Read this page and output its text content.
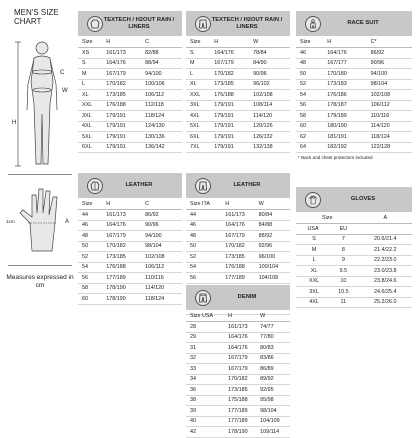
MEN'S SIZE CHART
H
C
W
A
1cm
Measures expressed in cm
TEXTECH / H2OUT RAIN / LINERS
Size	H	C
XS	161/173	82/88
S	164/176	88/94
M	167/179	94/100
L	170/182	100/106
XL	173/185	106/112
XXL	176/188	112/118
3XL	179/191	118/124
4XL	179/191	124/130
5XL	179/191	130/136
6XL	179/191	136/142
TEXTECH / H2OUT RAIN / LINERS
Size	H	W
S	164/176	78/84
M	167/179	84/90
L	170/182	90/96
XL	173/185	96/102
XXL	176/188	102/108
3XL	179/191	108/114
4XL	179/191	114/120
5XL	179/191	120/126
6XL	179/191	126/132
7XL	179/191	132/138
RACE SUIT
Size	H	C*
46	164/176	86/92
48	167/177	90/96
50	170/180	94/100
52	173/183	98/104
54	176/186	102/108
56	178/187	106/112
58	179/189	110/116
60	180/190	114/120
62	181/191	118/124
64	182/192	122/128
* Back and chest protectors included
LEATHER
Size	H	C
44	161/173	86/92
46	164/176	90/96
48	167/179	94/100
50	170/182	98/104
52	173/185	102/108
54	176/188	106/112
56	177/189	110/116
58	178/190	114/120
60	178/190	118/124
LEATHER
Size ITA	H	W
44	161/173	80/84
46	164/176	84/88
48	167/179	88/92
50	170/182	92/96
52	173/185	96/100
54	176/188	100/104
56	177/189	104/108

GLOVES
Size		A
USA	EU	
S	7	20.6/21.4
M	8	21.4/22.2
L	9	22.2/23.0
XL	9.5	23.0/23.8
XXL	10	23.8/24.6
3XL	10.5	24.6/25.4
4XL	11	25.2/26.0
DENIM
Size USA	H	W
28	161/173	74/77
29	164/176	77/80
31	164/176	80/83
32	167/179	83/86
33	167/179	86/89
34	170/182	89/92
36	173/185	92/95
38	175/188	95/98
39	177/189	98/104
40	177/189	104/109
42	178/190	109/114
